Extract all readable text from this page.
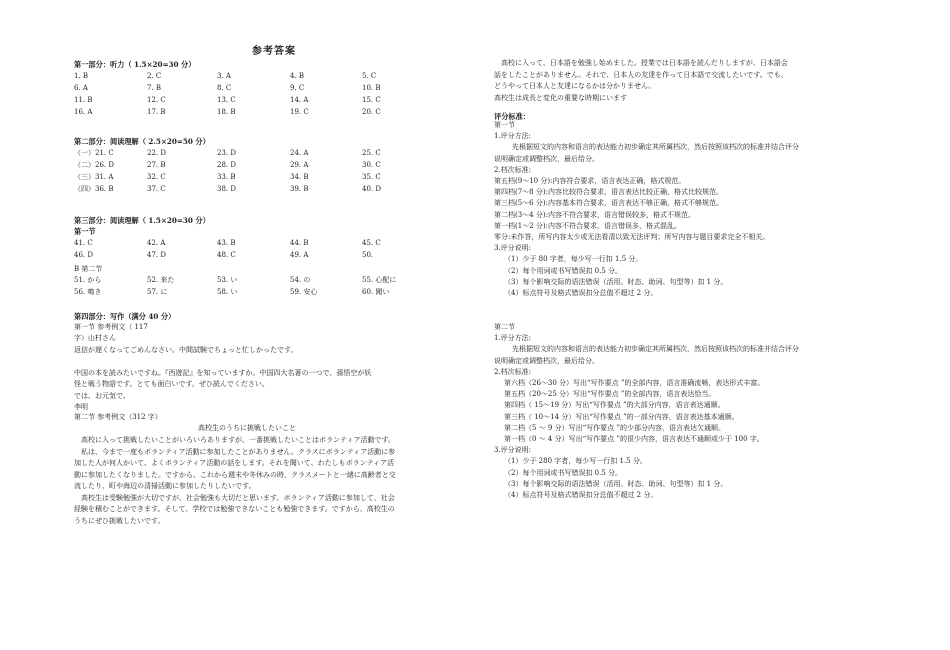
参考答案
第一部分：听力（ 1.5×20=30 分）
1. B	2. C	3. A	4. B	5. C
6. A	7. B	8. C	9. C	10. B
11. B	12. C	13. C	14. A	15. C
16. A	17. B	18. B	19. C	20. C
第二部分：阅读理解（ 2.5×20=50 分）
（一）21. C	22. D	23. D	24. A	25. C
（二）26. D	27. B	28. D	29. A	30. C
（三）31. A	32. C	33. B	34. B	35. C
（四）36. B	37. C	38. D	39. B	40. D
第三部分：阅读理解（ 1.5×20=30 分）
第一节
41. C	42. A	43. B	44. B	45. C
46. D	47. D	48. C	49. A	50.
B 第二节
51. から	52. 来た	53. い	54. の	55. 心配に
56. 鳴き	57. に	58. い	59. 安心	60. 聞い
第四部分：写作（满分 40 分）
第一节 参考例文（ 117
字）山村さん
返信が遅くなってごめんなさい。中間試験でちょっと忙しかったです。
中国の本を読みたいですね。『西遊記』を知っていますか。中国四大名著の一つで、孫悟空が妖
怪と戦う物語です。とても面白いです。ぜひ読んでください。
では、お元気で。
李明
第二节 参考例文（312 字）
高校生のうちに挑戦したいこと
　高校に入って挑戦したいことがいろいろありますが、一番挑戦したいことはボランティア活動です。
　私は、今まで一度もボランティア活動に参加したことがありません。クラスにボランティア活動に参
加した人が何人かいて、よくボランティア活動の話をします。それを聞いて、わたしもボランティア活
動に参加したくなりました。ですから、これから週末や冬休みの時、クラスメートと一緒に高齢者と交
流したり、町や海辺の清掃活動に参加したりしたいです。
　高校生は受験勉強が大切ですが、社会勉強も大切だと思います。ボランティア活動に参加して、社会
経験を積むことができます。そして、学校では勉強できないことも勉強できます。ですから、高校生の
うちにぜひ挑戦したいです。
　高校に入って、日本語を勉強し始めました。授業では日本語を読んだりしますが、日本語会
話をしたことがありません。それで、日本人の友達を作って日本語で交流したいです。でも、
どうやって日本人と友達になるかは分かりません。
高校生は成長と変化の重要な時期にいます
评分标准：
第一节
1.评分方法:
先根据短文的内容和语言的表达能力初步确定其所属档次，然后按照该档次的标准并结合评分
说明确定或调整档次，最后给分。
2.档次标准:
第五档(9～10 分):内容符合要求，语言表达正确，格式规范。
第四档(7～8 分):内容比较符合要求，语言表达比较正确，格式比较规范。
第三档(5～6 分):内容基本符合要求，语言表达不够正确，格式不够规范。
第二档(3～4 分):内容不符合要求，语言错误较多，格式不规范。
第一档(1～2 分):内容不符合要求，语言错误多，格式混乱。
零分:未作答，所写内容太少或无法看清以致无法评判；所写内容与题目要求完全不相关。
3.评分说明:
（1）少于 80 字者，每少写一行扣 1.5 分。
（2）每个用词或书写错误扣 0.5 分。
（3）每个影响交际的语法错误（活用、时态、助词、句型等）扣 1 分。
（4）标点符号及格式错误扣分总值不超过 2 分。
第二节
1.评分方法:
先根据短文的内容和语言的表达能力初步确定其所属档次，然后按照该档次的标准并结合评分
说明确定或调整档次，最后给分。
2.档次标准:
第六档（26～30 分）写出“写作要点 ”的全部内容，语言准确流畅，表达形式丰富。
第五档（20～25 分）写出“写作要点 ”的全部内容，语言表达恰当。
第四档（ 15～19 分）写出“写作要点 ”的大部分内容，语言表达通顺。
第三档（ 10～14 分）写出“写作要点 ”的一部分内容，语言表达基本通顺。
第二档（5 ～ 9 分）写出“写作要点 ”的少部分内容，语言表达欠通顺。
第一档（0 ～ 4 分）写出“写作要点 ”的很少内容，语言表达不通顺或少于 100 字。
3.评分说明:
（1）少于 280 字者，每少写一行扣 1.5 分。
（2）每个用词或书写错误扣 0.5 分。
（3）每个影响交际的语法错误（活用、时态、助词、句型等）扣 1 分。
（4）标点符号及格式错误扣分总值不超过 2 分。
